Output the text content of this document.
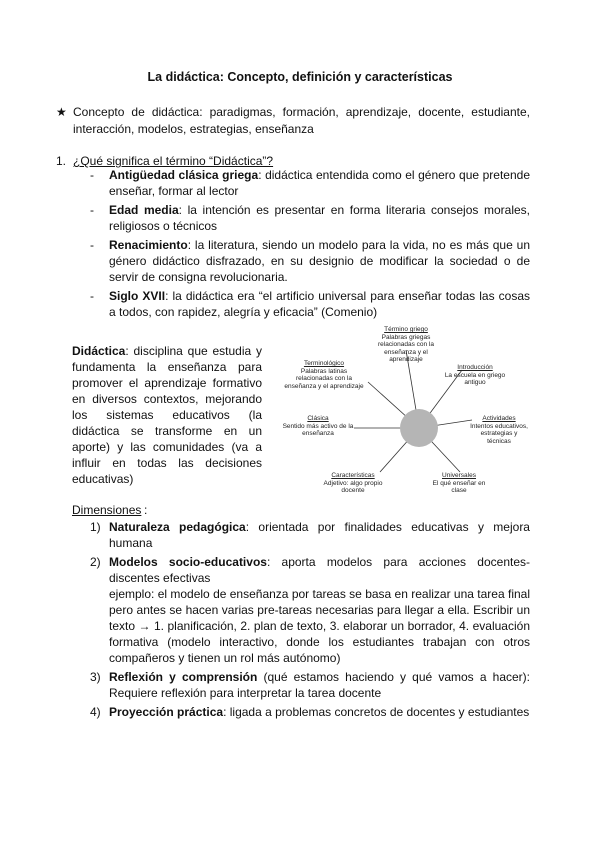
La didáctica: Concepto, definición y características
★ Concepto de didáctica: paradigmas, formación, aprendizaje, docente, estudiante, interacción, modelos, estrategias, enseñanza
1. ¿Qué significa el término “Didáctica”?
- Antigüedad clásica griega: didáctica entendida como el género que pretende enseñar, formar al lector
- Edad media: la intención es presentar en forma literaria consejos morales, religiosos o técnicos
- Renacimiento: la literatura, siendo un modelo para la vida, no es más que un género didáctico disfrazado, en su designio de modificar la sociedad o de servir de consigna revolucionaria.
- Siglo XVII: la didáctica era “el artificio universal para enseñar todas las cosas a todos, con rapidez, alegría y eficacia” (Comenio)
Didáctica: disciplina que estudia y fundamenta la enseñanza para promover el aprendizaje formativo en diversos contextos, mejorando los sistemas educativos (la didáctica se transforme en un aporte) y las comunidades (va a influir en todas las decisiones educativas)
Término griego
Palabras griegas relacionadas con la enseñanza y el aprendizaje
Introducción
La escuela en griego antiguo
Actividades
Intentos educativos, estrategias y técnicas
Universales
El qué enseñar en clase
Características
Adjetivo: algo propio docente
Clásica
Sentido más activo de la enseñanza
Terminológico
Palabras latinas relacionadas con la enseñanza y el aprendizaje
Dimensiones :
1) Naturaleza pedagógica: orientada por finalidades educativas y mejora humana
2) Modelos socio-educativos: aporta modelos para acciones docentes-discentes efectivas
ejemplo: el modelo de enseñanza por tareas se basa en realizar una tarea final pero antes se hacen varias pre-tareas necesarias para llegar a ella. Escribir un texto → 1. planificación, 2. plan de texto, 3. elaborar un borrador, 4. evaluación formativa (modelo interactivo, donde los estudiantes trabajan con otros compañeros y tienen un rol más autónomo)
3) Reflexión y comprensión (qué estamos haciendo y qué vamos a hacer): Requiere reflexión para interpretar la tarea docente
4) Proyección práctica: ligada a problemas concretos de docentes y estudiantes
